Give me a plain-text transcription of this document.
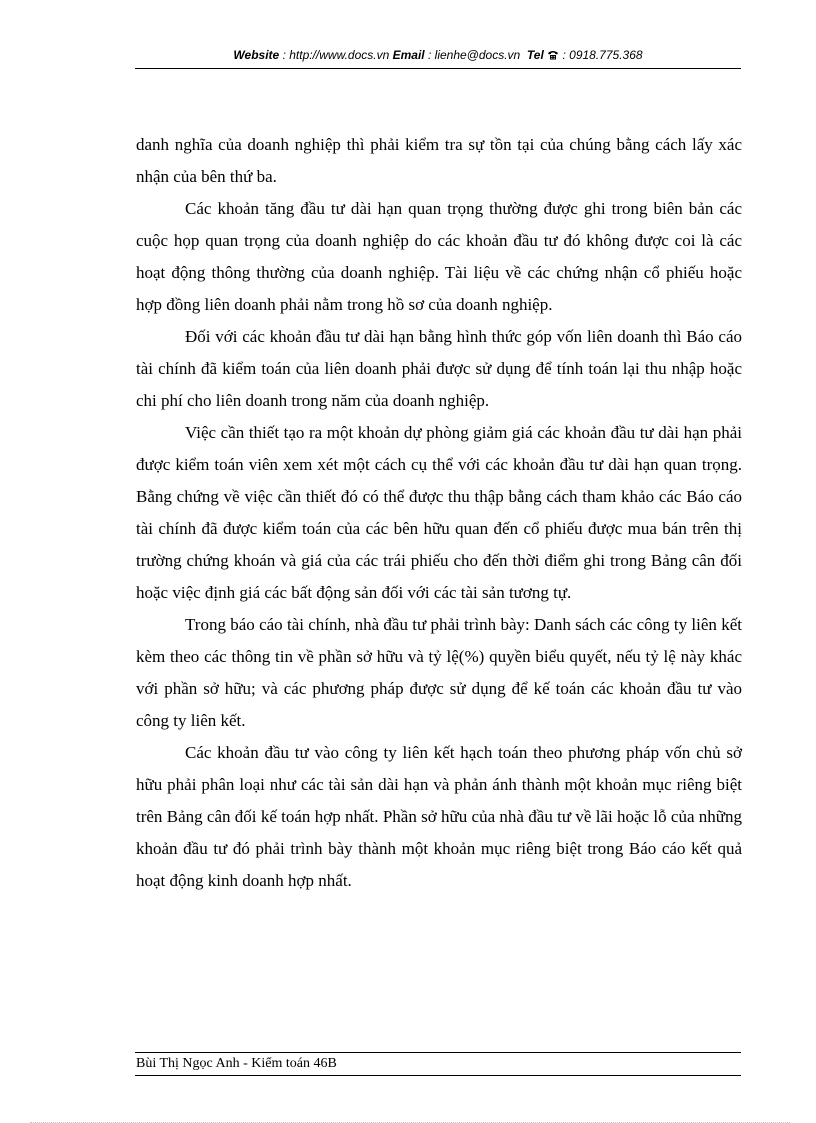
Website : http://www.docs.vn Email : lienhe@docs.vn Tel : 0918.775.368

danh nghĩa của doanh nghiệp thì phải kiểm tra sự tồn tại của chúng bằng cách lấy xác nhận của bên thứ ba.

Các khoản tăng đầu tư dài hạn quan trọng thường được ghi trong biên bản các cuộc họp quan trọng của doanh nghiệp do các khoản đầu tư đó không được coi là các hoạt động thông thường của doanh nghiệp. Tài liệu về các chứng nhận cổ phiếu hoặc hợp đồng liên doanh phải nằm trong hồ sơ của doanh nghiệp.

Đối với các khoản đầu tư dài hạn bằng hình thức góp vốn liên doanh thì Báo cáo tài chính đã kiểm toán của liên doanh phải được sử dụng để tính toán lại thu nhập hoặc chi phí cho liên doanh trong năm của doanh nghiệp.

Việc cần thiết tạo ra một khoản dự phòng giảm giá các khoản đầu tư dài hạn phải được kiểm toán viên xem xét một cách cụ thể với các khoản đầu tư dài hạn quan trọng. Bằng chứng về việc cần thiết đó có thể được thu thập bằng cách tham khảo các Báo cáo tài chính đã được kiểm toán của các bên hữu quan đến cổ phiếu được mua bán trên thị trường chứng khoán và giá của các trái phiếu cho đến thời điểm ghi trong Bảng cân đối hoặc việc định giá các bất động sản đối với các tài sản tương tự.

Trong báo cáo tài chính, nhà đầu tư phải trình bày: Danh sách các công ty liên kết kèm theo các thông tin về phần sở hữu và tỷ lệ(%) quyền biểu quyết, nếu tỷ lệ này khác với phần sở hữu; và các phương pháp được sử dụng để kế toán các khoản đầu tư vào công ty liên kết.

Các khoản đầu tư vào công ty liên kết hạch toán theo phương pháp vốn chủ sở hữu phải phân loại như các tài sản dài hạn và phản ánh thành một khoản mục riêng biệt trên Bảng cân đối kế toán hợp nhất. Phần sở hữu của nhà đầu tư về lãi hoặc lỗ của những khoản đầu tư đó phải trình bày thành một khoản mục riêng biệt trong Báo cáo kết quả hoạt động kinh doanh hợp nhất.

Bùi Thị Ngọc Anh - Kiểm toán 46B
